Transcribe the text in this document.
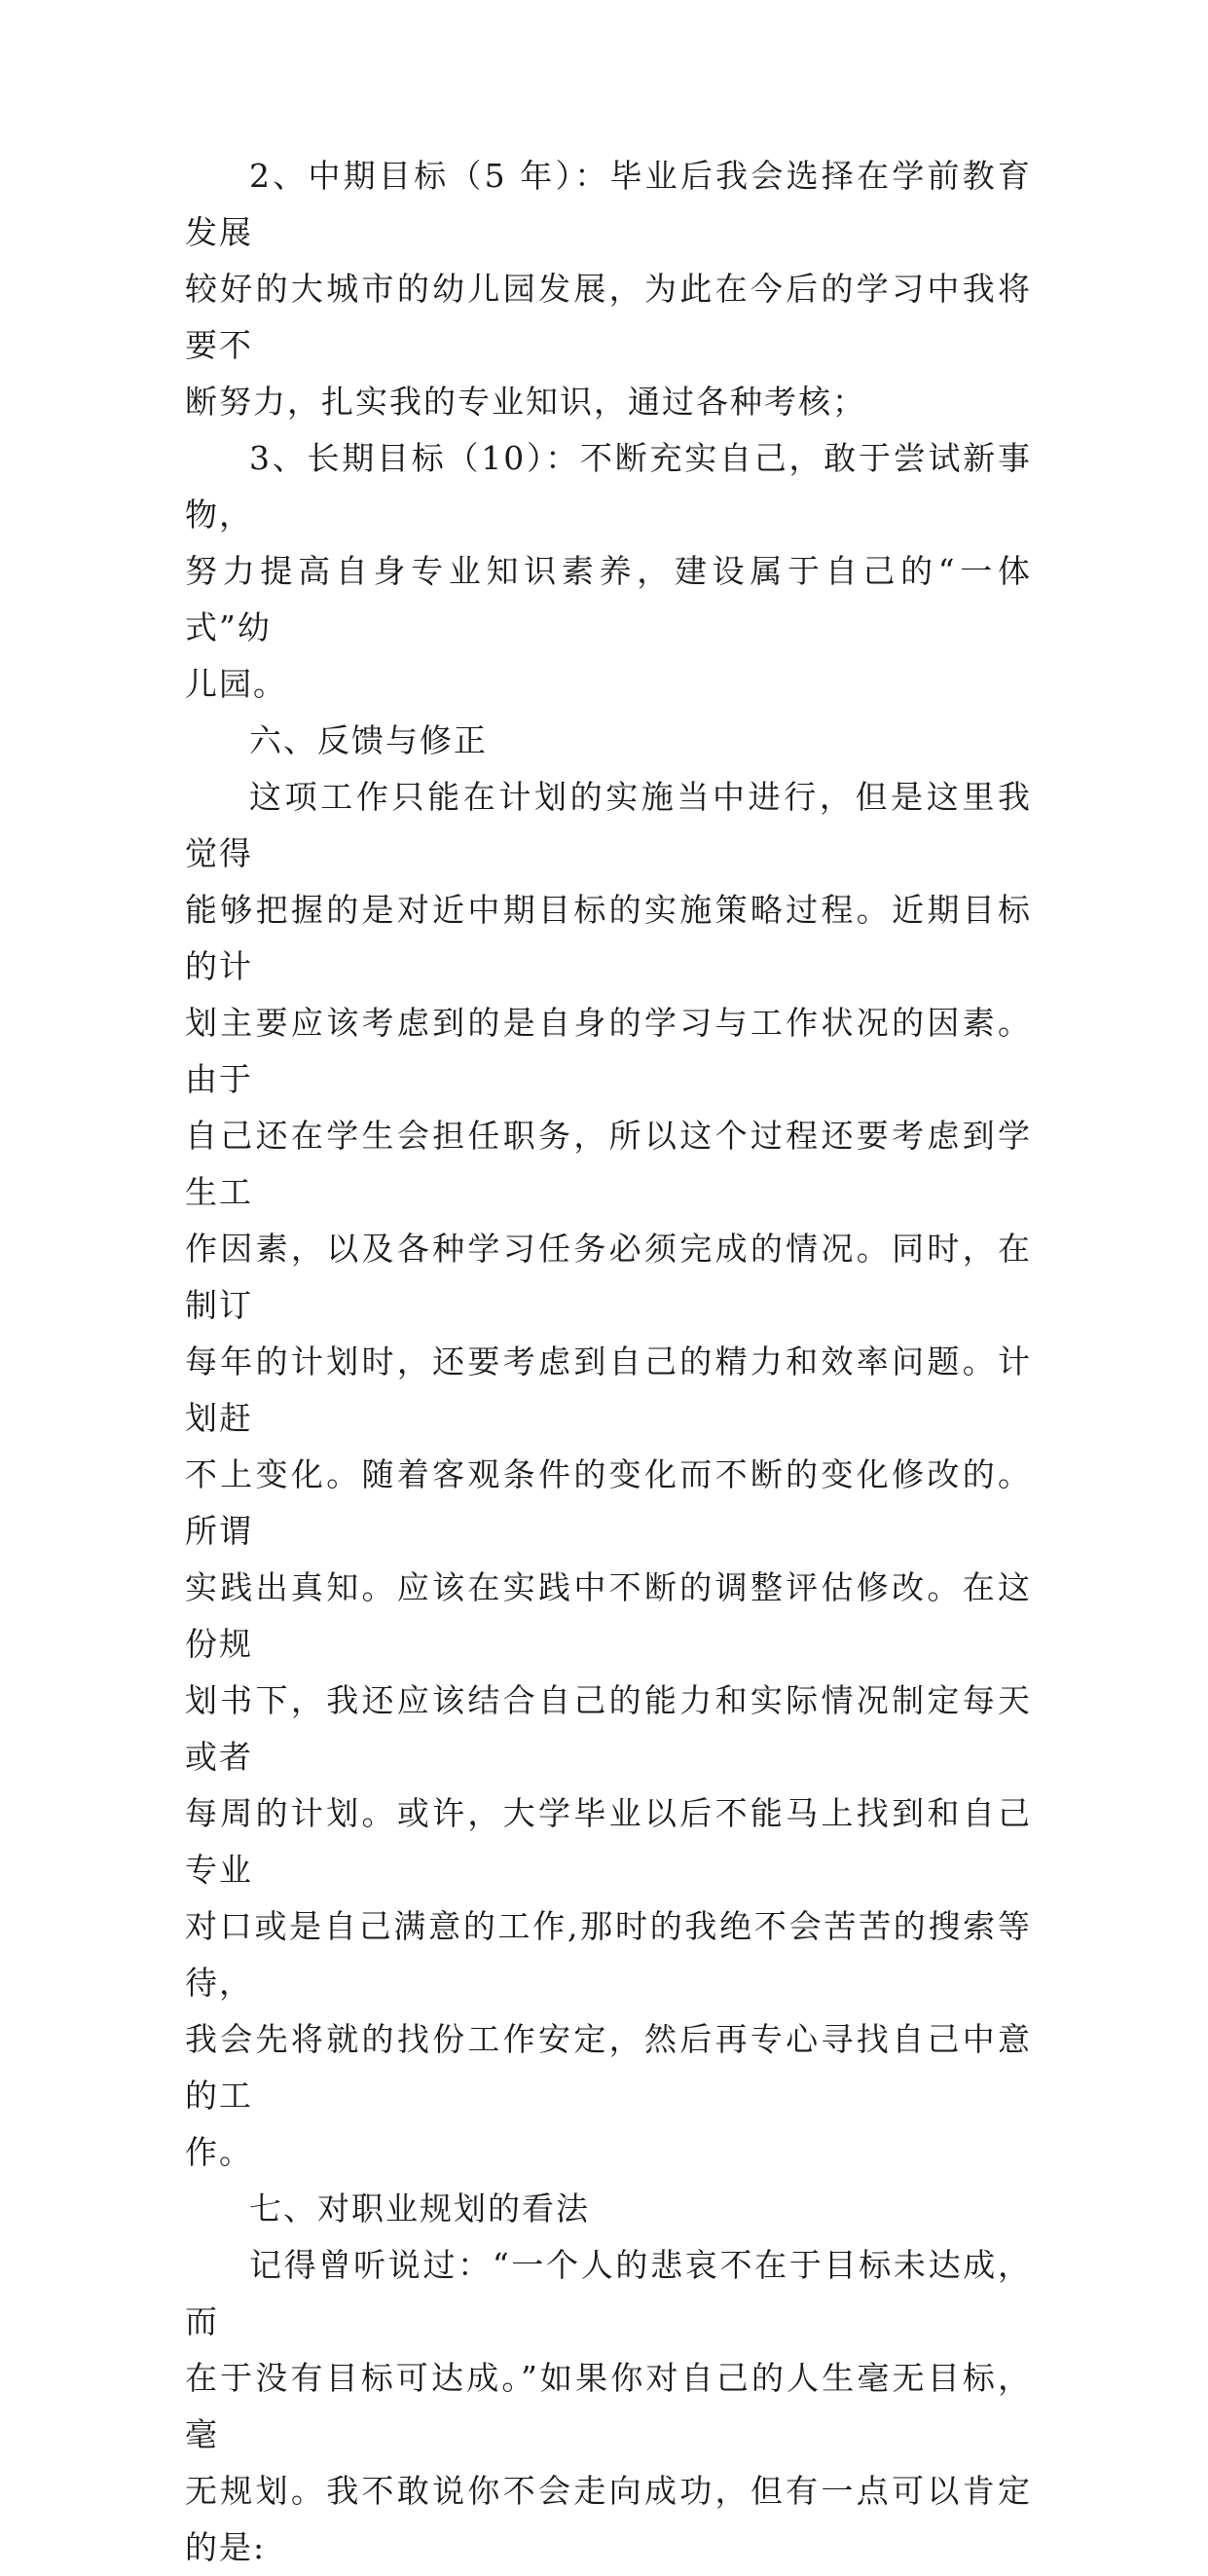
2、中期目标（5 年）：毕业后我会选择在学前教育发展
较好的大城市的幼儿园发展，为此在今后的学习中我将要不
断努力，扎实我的专业知识，通过各种考核；

3、长期目标（10）：不断充实自己，敢于尝试新事物，
努力提高自身专业知识素养，建设属于自己的“一体式”幼
儿园。

六、反馈与修正

这项工作只能在计划的实施当中进行，但是这里我觉得
能够把握的是对近中期目标的实施策略过程。近期目标的计
划主要应该考虑到的是自身的学习与工作状况的因素。由于
自己还在学生会担任职务，所以这个过程还要考虑到学生工
作因素，以及各种学习任务必须完成的情况。同时，在制订
每年的计划时，还要考虑到自己的精力和效率问题。计划赶
不上变化。随着客观条件的变化而不断的变化修改的。所谓
实践出真知。应该在实践中不断的调整评估修改。在这份规
划书下，我还应该结合自己的能力和实际情况制定每天或者
每周的计划。或许，大学毕业以后不能马上找到和自己专业
对口或是自己满意的工作,那时的我绝不会苦苦的搜索等待，
我会先将就的找份工作安定，然后再专心寻找自己中意的工
作。

七、对职业规划的看法

记得曾听说过：“一个人的悲哀不在于目标未达成，而
在于没有目标可达成。”如果你对自己的人生毫无目标，毫
无规划。我不敢说你不会走向成功，但有一点可以肯定的是:
